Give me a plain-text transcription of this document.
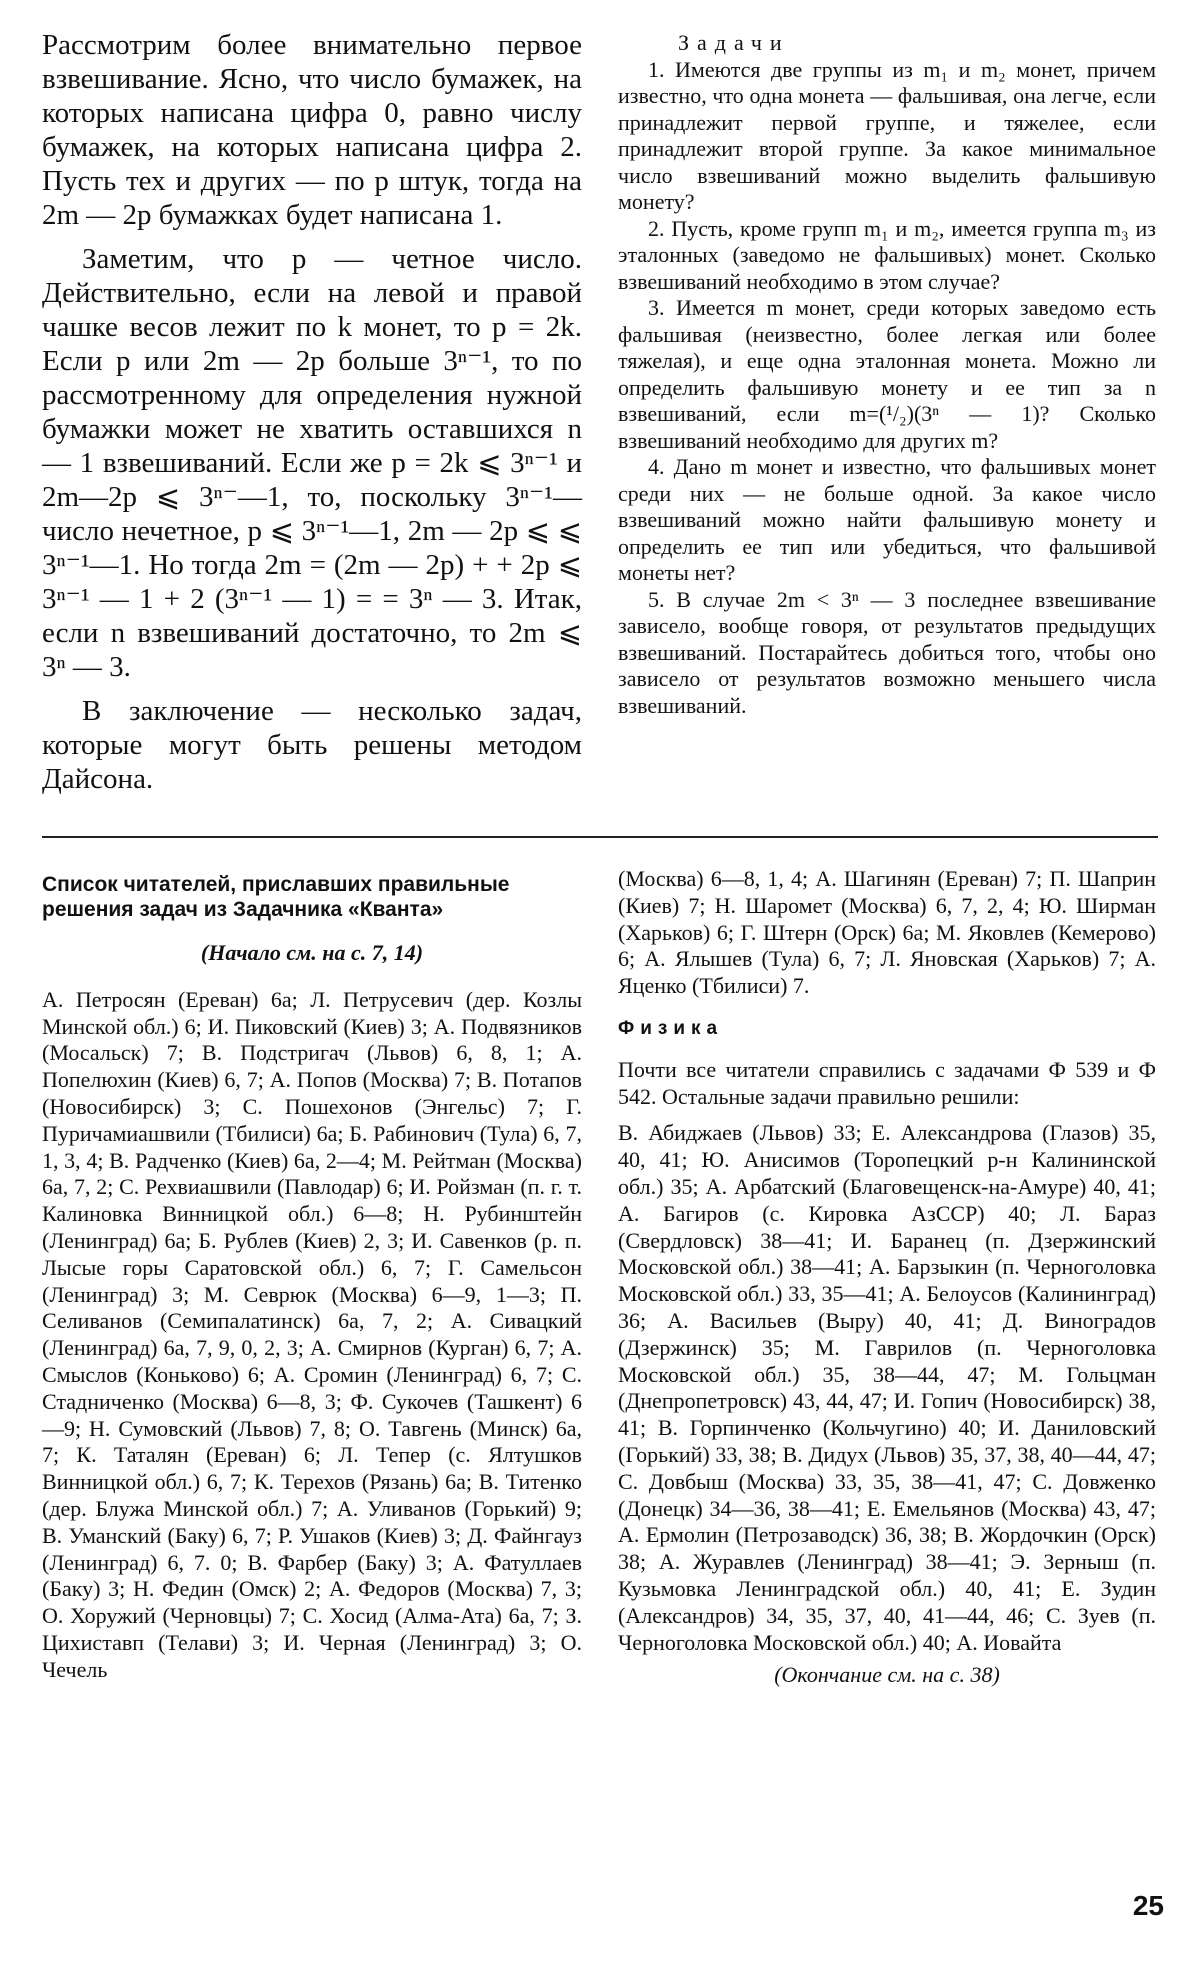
Рассмотрим более внимательно первое взвешивание. Ясно, что число бумажек, на которых написана цифра 0, равно числу бумажек, на которых написана цифра 2. Пусть тех и других — по p штук, тогда на 2m — 2p бумажках будет написана 1.

Заметим, что p — четное число. Действительно, если на левой и правой чашке весов лежит по k монет, то p = 2k. Если p или 2m — 2p больше 3ⁿ⁻¹, то по рассмотренному для определения нужной бумажки может не хватить оставшихся n — 1 взвешиваний. Если же p = 2k ⩽ 3ⁿ⁻¹ и 2m—2p ⩽ 3ⁿ⁻—1, то, поскольку 3ⁿ⁻¹— число нечетное, p ⩽ 3ⁿ⁻¹—1, 2m — 2p ⩽ ⩽ 3ⁿ⁻¹—1. Но тогда 2m = (2m — 2p) + + 2p ⩽ 3ⁿ⁻¹ — 1 + 2 (3ⁿ⁻¹ — 1) = = 3ⁿ — 3. Итак, если n взвешиваний достаточно, то 2m ⩽ 3ⁿ — 3.

В заключение — несколько задач, которые могут быть решены методом Дайсона.

Задачи

1. Имеются две группы из m₁ и m₂ монет, причем известно, что одна монета — фальшивая, она легче, если принадлежит первой группе, и тяжелее, если принадлежит второй группе. За какое минимальное число взвешиваний можно выделить фальшивую монету?

2. Пусть, кроме групп m₁ и m₂, имеется группа m₃ из эталонных (заведомо не фальшивых) монет. Сколько взвешиваний необходимо в этом случае?

3. Имеется m монет, среди которых заведомо есть фальшивая (неизвестно, более легкая или более тяжелая), и еще одна эталонная монета. Можно ли определить фальшивую монету и ее тип за n взвешиваний, если m=(¹/₂)(3ⁿ — 1)? Сколько взвешиваний необходимо для других m?

4. Дано m монет и известно, что фальшивых монет среди них — не больше одной. За какое число взвешиваний можно найти фальшивую монету и определить ее тип или убедиться, что фальшивой монеты нет?

5. В случае 2m < 3ⁿ — 3 последнее взвешивание зависело, вообще говоря, от результатов предыдущих взвешиваний. Постарайтесь добиться того, чтобы оно зависело от результатов возможно меньшего числа взвешиваний.

Список читателей, приславших правильные решения задач из Задачника «Кванта»
(Начало см. на с. 7, 14)

А. Петросян (Ереван) 6а; Л. Петрусевич (дер. Козлы Минской обл.) 6; И. Пиковский (Киев) 3; А. Подвязников (Мосальск) 7; В. Подстригач (Львов) 6, 8, 1; А. Попелюхин (Киев) 6, 7; А. Попов (Москва) 7; В. Потапов (Новосибирск) 3; С. Пошехонов (Энгельс) 7; Г. Пуричамиашвили (Тбилиси) 6а; Б. Рабинович (Тула) 6, 7, 1, 3, 4; В. Радченко (Киев) 6а, 2—4; М. Рейтман (Москва) 6а, 7, 2; С. Рехвиашвили (Павлодар) 6; И. Ройзман (п. г. т. Калиновка Винницкой обл.) 6—8; Н. Рубинштейн (Ленинград) 6а; Б. Рублев (Киев) 2, 3; И. Савенков (р. п. Лысые горы Саратовской обл.) 6, 7; Г. Самельсон (Ленинград) 3; М. Севрюк (Москва) 6—9, 1—3; П. Селиванов (Семипалатинск) 6а, 7, 2; А. Сивацкий (Ленинград) 6а, 7, 9, 0, 2, 3; А. Смирнов (Курган) 6, 7; А. Смыслов (Коньково) 6; А. Сромин (Ленинград) 6, 7; С. Стадниченко (Москва) 6—8, 3; Ф. Сукочев (Ташкент) 6—9; Н. Сумовский (Львов) 7, 8; О. Тавгень (Минск) 6а, 7; К. Таталян (Ереван) 6; Л. Тепер (с. Ялтушков Винницкой обл.) 6, 7; К. Терехов (Рязань) 6а; В. Титенко (дер. Блужа Минской обл.) 7; А. Уливанов (Горький) 9; В. Уманский (Баку) 6, 7; Р. Ушаков (Киев) 3; Д. Файнгауз (Ленинград) 6, 7. 0; В. Фарбер (Баку) 3; А. Фатуллаев (Баку) 3; Н. Федин (Омск) 2; А. Федоров (Москва) 7, 3; О. Хоружий (Черновцы) 7; С. Хосид (Алма-Ата) 6а, 7; З. Цихиставп (Телави) 3; И. Черная (Ленинград) 3; О. Чечель

(Москва) 6—8, 1, 4; А. Шагинян (Ереван) 7; П. Шаприн (Киев) 7; Н. Шаромет (Москва) 6, 7, 2, 4; Ю. Ширман (Харьков) 6; Г. Штерн (Орск) 6а; М. Яковлев (Кемерово) 6; А. Ялышев (Тула) 6, 7; Л. Яновская (Харьков) 7; А. Яценко (Тбилиси) 7.

Физика

Почти все читатели справились с задачами Ф 539 и Ф 542. Остальные задачи правильно решили:

В. Абиджаев (Львов) 33; Е. Александрова (Глазов) 35, 40, 41; Ю. Анисимов (Торопецкий р-н Калининской обл.) 35; А. Арбатский (Благовещенск-на-Амуре) 40, 41; А. Багиров (с. Кировка АзССР) 40; Л. Бараз (Свердловск) 38—41; И. Баранец (п. Дзержинский Московской обл.) 38—41; А. Барзыкин (п. Черноголовка Московской обл.) 33, 35—41; А. Белоусов (Калининград) 36; А. Васильев (Выру) 40, 41; Д. Виноградов (Дзержинск) 35; М. Гаврилов (п. Черноголовка Московской обл.) 35, 38—44, 47; М. Гольцман (Днепропетровск) 43, 44, 47; И. Гопич (Новосибирск) 38, 41; В. Горпинченко (Кольчугино) 40; И. Даниловский (Горький) 33, 38; В. Дидух (Львов) 35, 37, 38, 40—44, 47; С. Довбыш (Москва) 33, 35, 38—41, 47; С. Довженко (Донецк) 34—36, 38—41; Е. Емельянов (Москва) 43, 47; А. Ермолин (Петрозаводск) 36, 38; В. Жордочкин (Орск) 38; А. Журавлев (Ленинград) 38—41; Э. Зерныш (п. Кузьмовка Ленинградской обл.) 40, 41; Е. Зудин (Александров) 34, 35, 37, 40, 41—44, 46; С. Зуев (п. Черноголовка Московской обл.) 40; А. Иовайта

(Окончание см. на с. 38)
25
